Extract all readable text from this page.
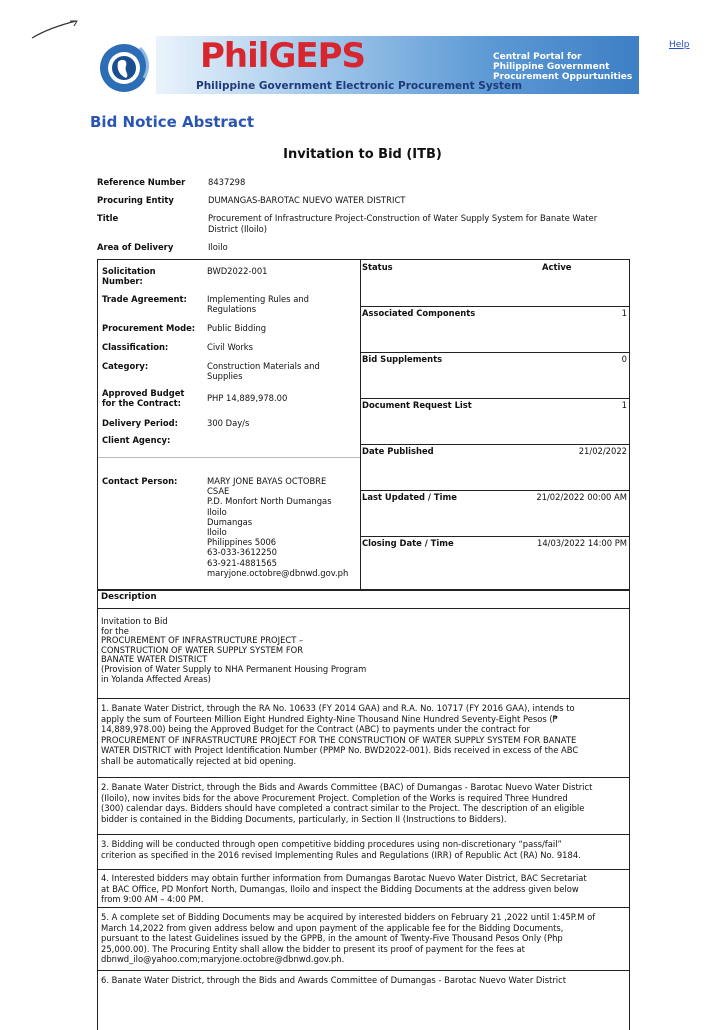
PhilGEPS
Philippine Government Electronic Procurement System
Central Portal for Philippine Government Procurement Oppurtunities
Help
Bid Notice Abstract
Invitation to Bid (ITB)
Reference Number	8437298
Procuring Entity	DUMANGAS-BAROTAC NUEVO WATER DISTRICT
Title	Procurement of Infrastructure Project-Construction of Water Supply System for Banate Water
District (Iloilo)
Area of Delivery	Iloilo
Solicitation
Number:
BWD2022-001
Trade Agreement: Implementing Rules and
Regulations
Procurement Mode: Public Bidding
Classification:	Civil Works
Category:	Construction Materials and
Supplies
Approved Budget
for the Contract:	PHP 14,889,978.00
Delivery Period:	300 Day/s
Client Agency:
Contact Person:	MARY JONE BAYAS OCTOBRE
CSAE
P.D. Monfort North Dumangas
Iloilo
Dumangas
Iloilo
Philippines 5006
63-033-3612250
63-921-4881565
maryjone.octobre@dbnwd.gov.ph
Status	Active
Associated Components	1
Bid Supplements	0
Document Request List	1
Date Published	21/02/2022
Last Updated / Time	21/02/2022 00:00 AM
Closing Date / Time	14/03/2022 14:00 PM
Description
Invitation to Bid
for the
PROCUREMENT OF INFRASTRUCTURE PROJECT –
CONSTRUCTION OF WATER SUPPLY SYSTEM FOR
BANATE WATER DISTRICT
(Provision of Water Supply to NHA Permanent Housing Program
in Yolanda Affected Areas)
1. Banate Water District, through the RA No. 10633 (FY 2014 GAA) and R.A. No. 10717 (FY 2016 GAA), intends to
apply the sum of Fourteen Million Eight Hundred Eighty-Nine Thousand Nine Hundred Seventy-Eight Pesos (₱
14,889,978.00) being the Approved Budget for the Contract (ABC) to payments under the contract for
PROCUREMENT OF INFRASTRUCTURE PROJECT FOR THE CONSTRUCTION OF WATER SUPPLY SYSTEM FOR BANATE
WATER DISTRICT with Project Identification Number (PPMP No. BWD2022-001). Bids received in excess of the ABC
shall be automatically rejected at bid opening.
2. Banate Water District, through the Bids and Awards Committee (BAC) of Dumangas - Barotac Nuevo Water District
(Iloilo), now invites bids for the above Procurement Project. Completion of the Works is required Three Hundred
(300) calendar days. Bidders should have completed a contract similar to the Project. The description of an eligible
bidder is contained in the Bidding Documents, particularly, in Section II (Instructions to Bidders).
3. Bidding will be conducted through open competitive bidding procedures using non-discretionary “pass/fail”
criterion as specified in the 2016 revised Implementing Rules and Regulations (IRR) of Republic Act (RA) No. 9184.
4. Interested bidders may obtain further information from Dumangas Barotac Nuevo Water District, BAC Secretariat
at BAC Office, PD Monfort North, Dumangas, Iloilo and inspect the Bidding Documents at the address given below
from 9:00 AM – 4:00 PM.
5. A complete set of Bidding Documents may be acquired by interested bidders on February 21 ,2022 until 1:45P.M of
March 14,2022 from given address below and upon payment of the applicable fee for the Bidding Documents,
pursuant to the latest Guidelines issued by the GPPB, in the amount of Twenty-Five Thousand Pesos Only (Php
25,000.00). The Procuring Entity shall allow the bidder to present its proof of payment for the fees at
dbnwd_ilo@yahoo.com;maryjone.octobre@dbnwd.gov.ph.
6. Banate Water District, through the Bids and Awards Committee of Dumangas - Barotac Nuevo Water District
